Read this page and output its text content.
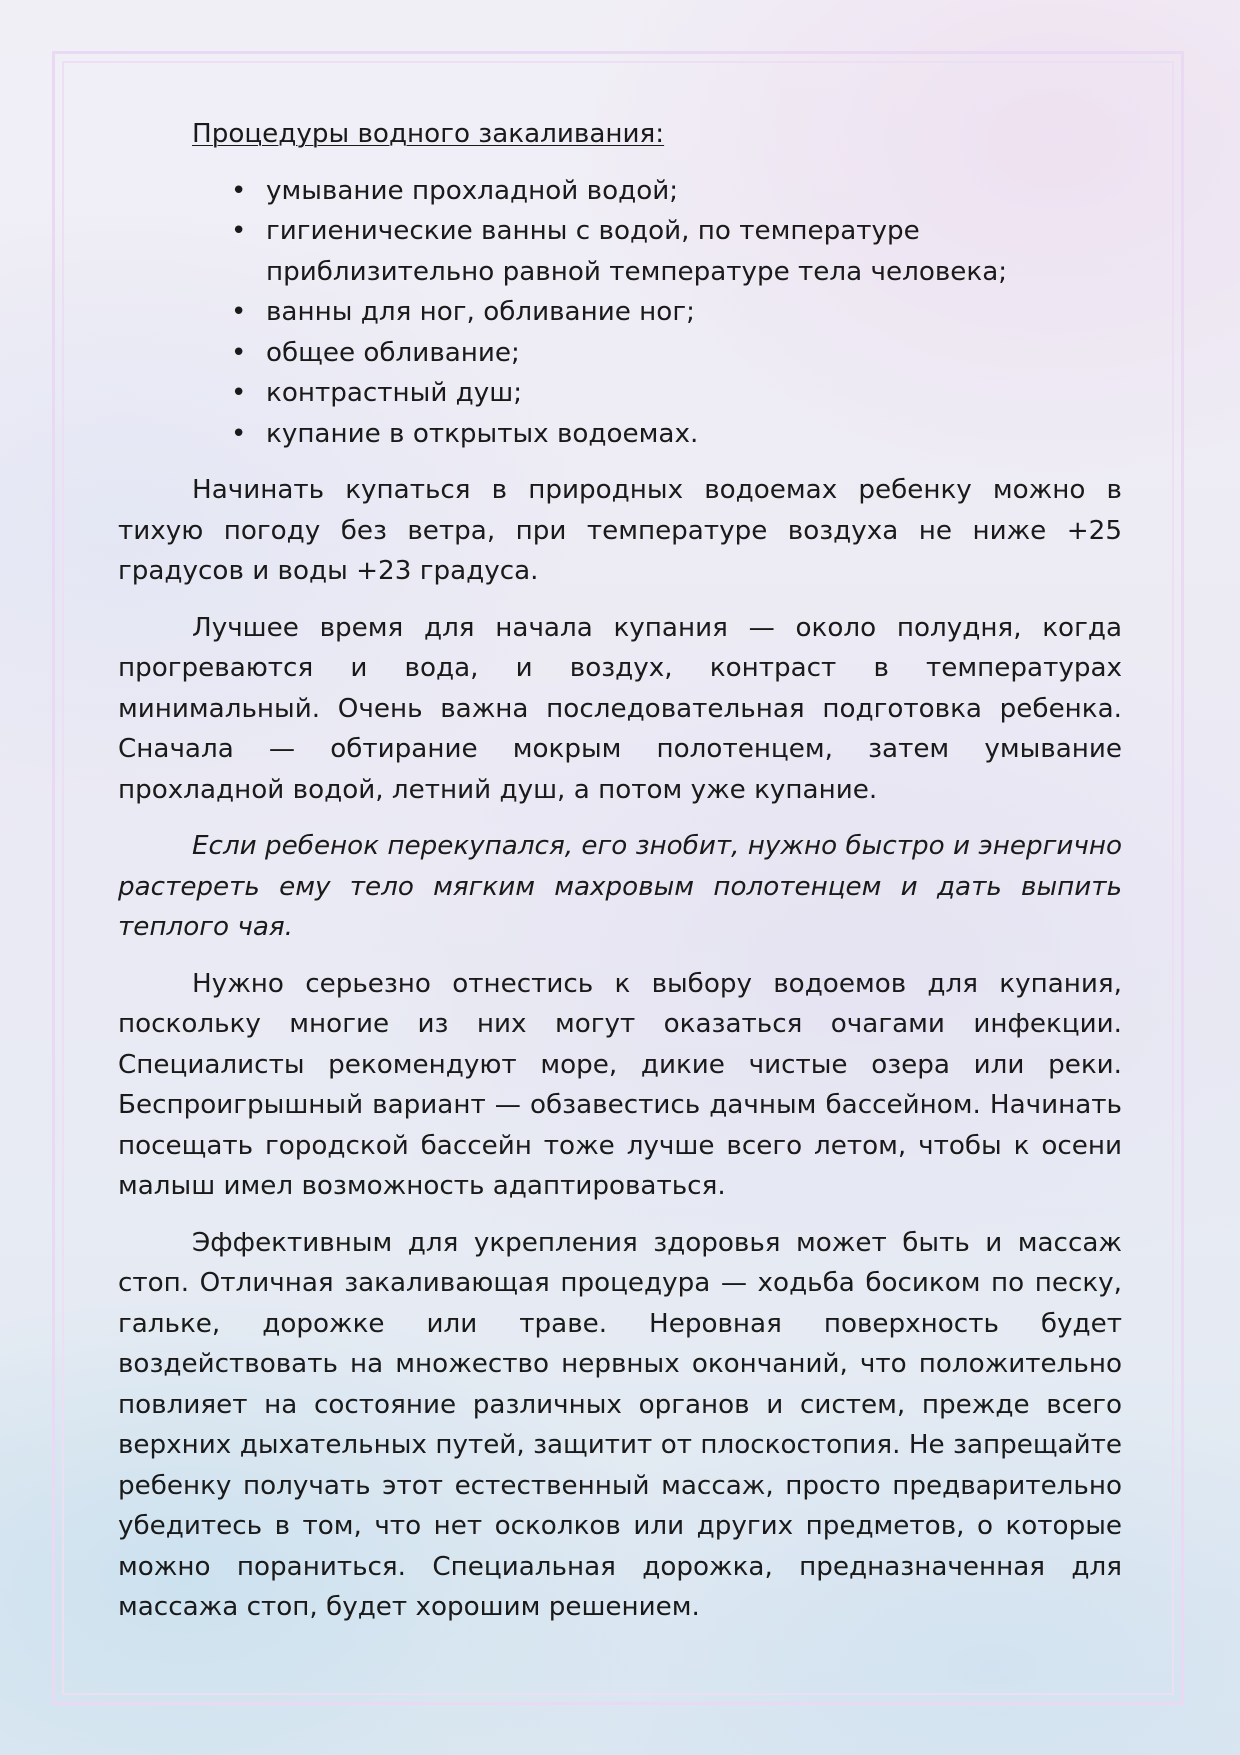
Процедуры водного закаливания:
• умывание прохладной водой;
• гигиенические ванны с водой, по температуре приблизительно равной температуре тела человека;
• ванны для ног, обливание ног;
• общее обливание;
• контрастный душ;
• купание в открытых водоемах.

Начинать купаться в природных водоемах ребенку можно в тихую погоду без ветра, при температуре воздуха не ниже +25 градусов и воды +23 градуса.

Лучшее время для начала купания — около полудня, когда прогреваются и вода, и воздух, контраст в температурах минимальный. Очень важна последовательная подготовка ребенка. Сначала — обтирание мокрым полотенцем, затем умывание прохладной водой, летний душ, а потом уже купание.

Если ребенок перекупался, его знобит, нужно быстро и энергично растереть ему тело мягким махровым полотенцем и дать выпить теплого чая.

Нужно серьезно отнестись к выбору водоемов для купания, поскольку многие из них могут оказаться очагами инфекции. Специалисты рекомендуют море, дикие чистые озера или реки. Беспроигрышный вариант — обзавестись дачным бассейном. Начинать посещать городской бассейн тоже лучше всего летом, чтобы к осени малыш имел возможность адаптироваться.

Эффективным для укрепления здоровья может быть и массаж стоп. Отличная закаливающая процедура — ходьба босиком по песку, гальке, дорожке или траве. Неровная поверхность будет воздействовать на множество нервных окончаний, что положительно повлияет на состояние различных органов и систем, прежде всего верхних дыхательных путей, защитит от плоскостопия. Не запрещайте ребенку получать этот естественный массаж, просто предварительно убедитесь в том, что нет осколков или других предметов, о которые можно пораниться. Специальная дорожка, предназначенная для массажа стоп, будет хорошим решением.
